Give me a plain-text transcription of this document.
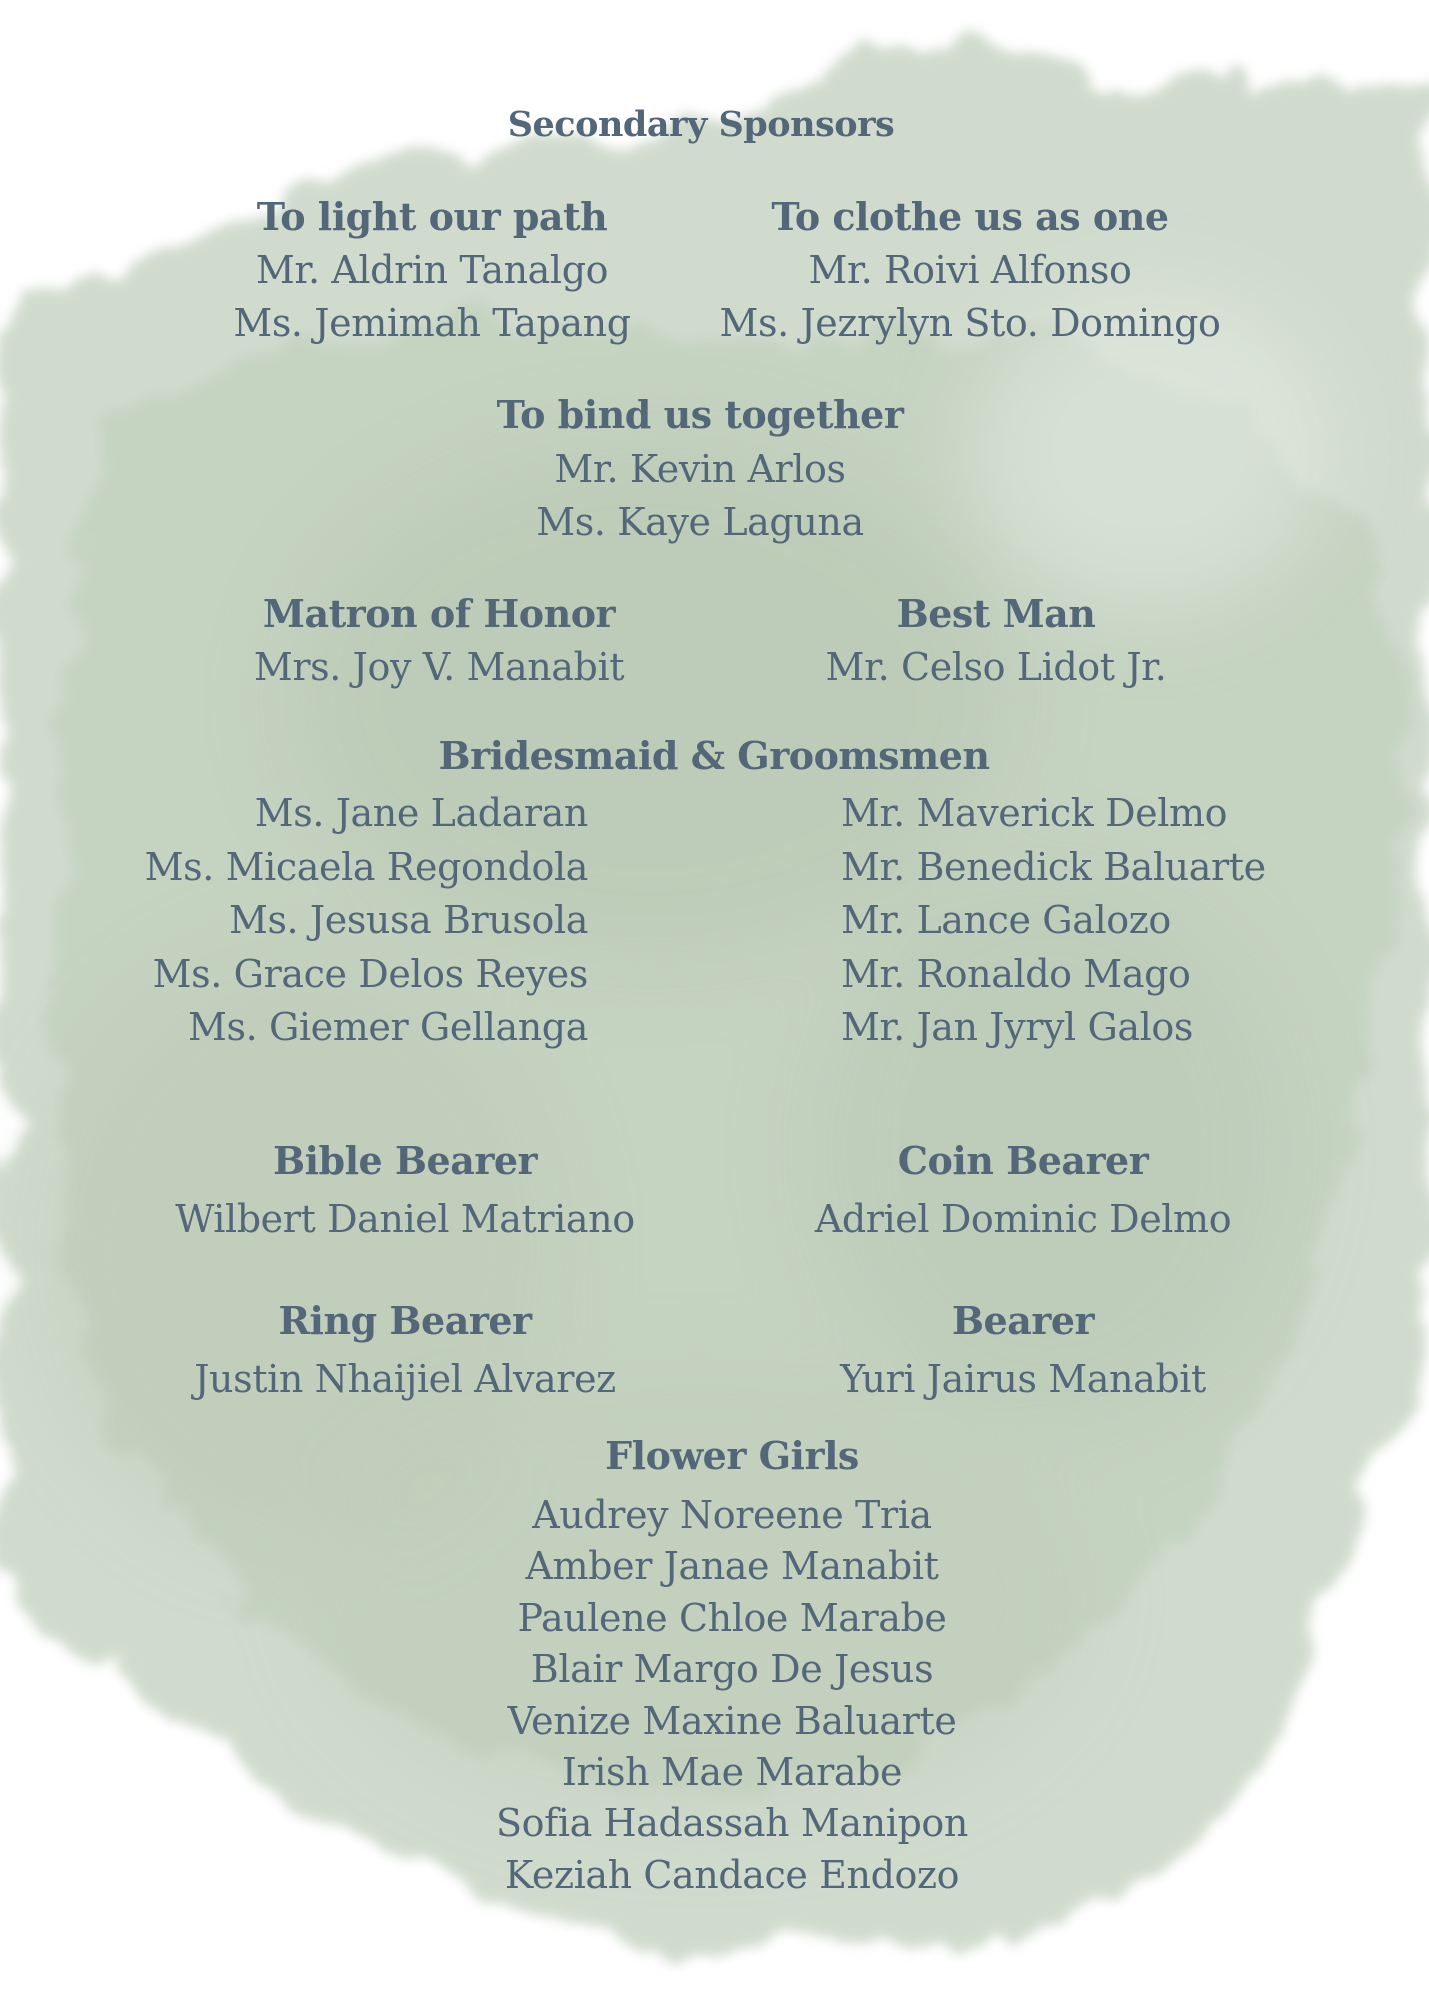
Secondary Sponsors
To light our path
Mr. Aldrin Tanalgo
Ms. Jemimah Tapang
To clothe us as one
Mr. Roivi Alfonso
Ms. Jezrylyn Sto. Domingo
To bind us together
Mr. Kevin Arlos
Ms. Kaye Laguna
Matron of Honor
Mrs. Joy V. Manabit
Best Man
Mr. Celso Lidot Jr.
Bridesmaid & Groomsmen
Ms. Jane Ladaran
Ms. Micaela Regondola
Ms. Jesusa Brusola
Ms. Grace Delos Reyes
Ms. Giemer Gellanga
Mr. Maverick Delmo
Mr. Benedick Baluarte
Mr. Lance Galozo
Mr. Ronaldo Mago
Mr. Jan Jyryl Galos
Bible Bearer
Wilbert Daniel Matriano
Coin Bearer
Adriel Dominic Delmo
Ring Bearer
Justin Nhaijiel Alvarez
Bearer
Yuri Jairus Manabit
Flower Girls
Audrey Noreene Tria
Amber Janae Manabit
Paulene Chloe Marabe
Blair Margo De Jesus
Venize Maxine Baluarte
Irish Mae Marabe
Sofia Hadassah Manipon
Keziah Candace Endozo
